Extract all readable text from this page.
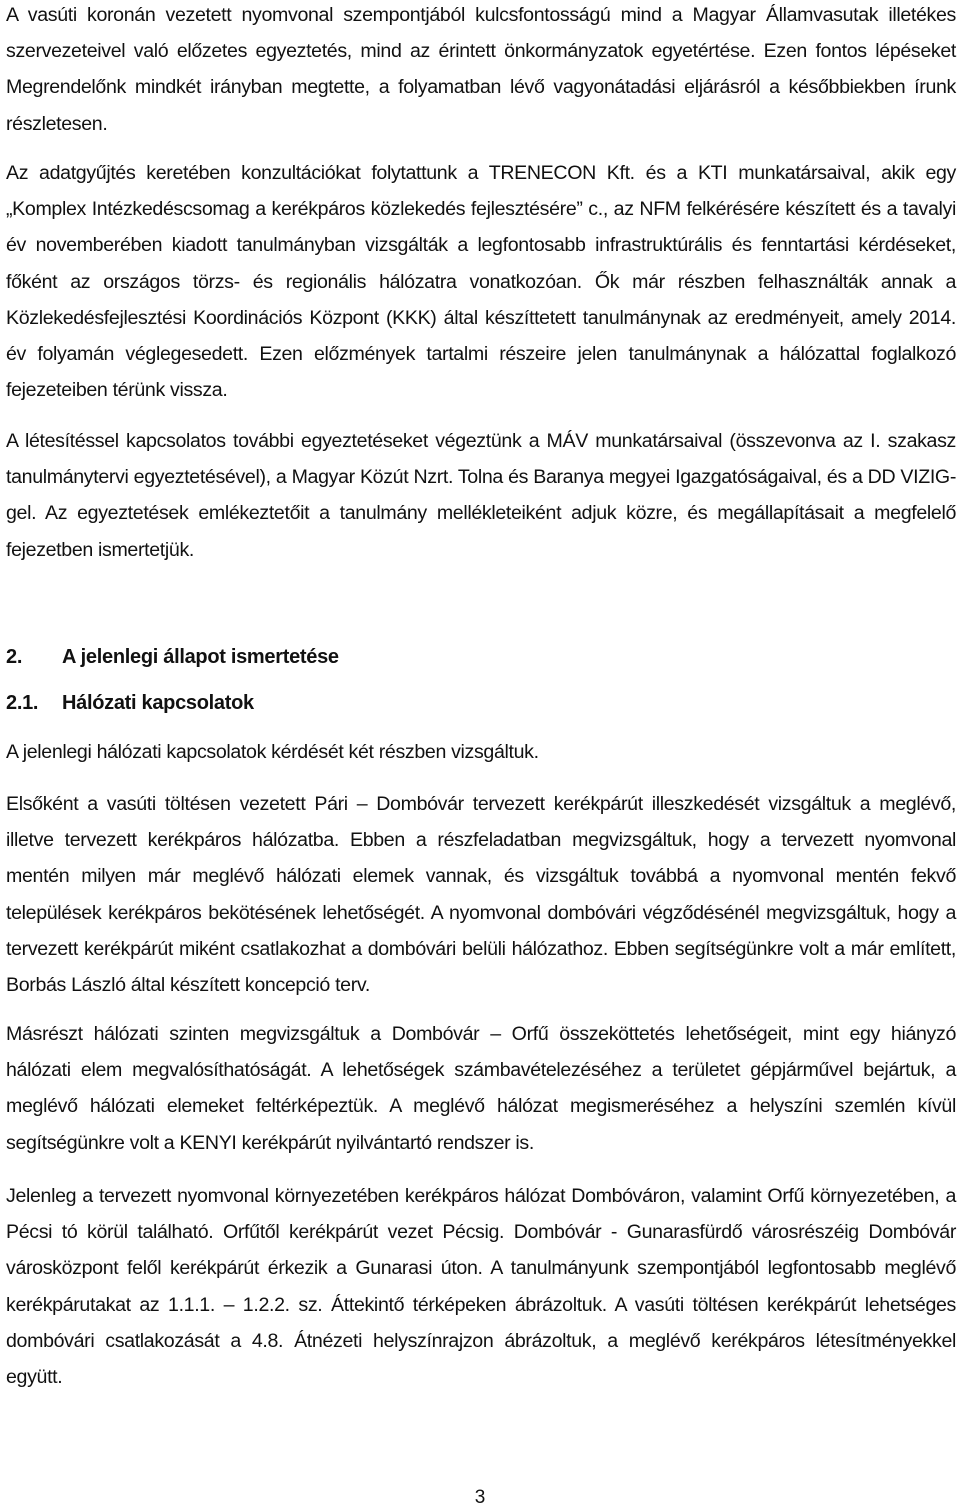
A vasúti koronán vezetett nyomvonal szempontjából kulcsfontosságú mind a Magyar Államvasutak illetékes szervezeteivel való előzetes egyeztetés, mind az érintett önkormányzatok egyetértése. Ezen fontos lépéseket Megrendelőnk mindkét irányban megtette, a folyamatban lévő vagyonátadási eljárásról a későbbiekben írunk részletesen.

Az adatgyűjtés keretében konzultációkat folytattunk a TRENECON Kft. és a KTI munkatársaival, akik egy „Komplex Intézkedéscsomag a kerékpáros közlekedés fejlesztésére” c., az NFM felkérésére készített és a tavalyi év novemberében kiadott tanulmányban vizsgálták a legfontosabb infrastruktúrális és fenntartási kérdéseket, főként az országos törzs- és regionális hálózatra vonatkozóan. Ők már részben felhasználták annak a Közlekedésfejlesztési Koordinációs Központ (KKK) által készíttetett tanulmánynak az eredményeit, amely 2014. év folyamán véglegesedett. Ezen előzmények tartalmi részeire jelen tanulmánynak a hálózattal foglalkozó fejezeteiben térünk vissza.

A létesítéssel kapcsolatos további egyeztetéseket végeztünk a MÁV munkatársaival (összevonva az I. szakasz tanulmánytervi egyeztetésével), a Magyar Közút Nzrt. Tolna és Baranya megyei Igazgatóságaival, és a DD VIZIG-gel. Az egyeztetések emlékeztetőit a tanulmány mellékleteiként adjuk közre, és megállapításait a megfelelő fejezetben ismertetjük.

2. A jelenlegi állapot ismertetése
2.1. Hálózati kapcsolatok

A jelenlegi hálózati kapcsolatok kérdését két részben vizsgáltuk.

Elsőként a vasúti töltésen vezetett Pári – Dombóvár tervezett kerékpárút illeszkedését vizsgáltuk a meglévő, illetve tervezett kerékpáros hálózatba. Ebben a részfeladatban megvizsgáltuk, hogy a tervezett nyomvonal mentén milyen már meglévő hálózati elemek vannak, és vizsgáltuk továbbá a nyomvonal mentén fekvő települések kerékpáros bekötésének lehetőségét. A nyomvonal dombóvári végződésénél megvizsgáltuk, hogy a tervezett kerékpárút miként csatlakozhat a dombóvári belüli hálózathoz. Ebben segítségünkre volt a már említett, Borbás László által készített koncepció terv.

Másrészt hálózati szinten megvizsgáltuk a Dombóvár – Orfű összeköttetés lehetőségeit, mint egy hiányzó hálózati elem megvalósíthatóságát. A lehetőségek számbavételezéséhez a területet gépjárművel bejártuk, a meglévő hálózati elemeket feltérképeztük. A meglévő hálózat megismeréséhez a helyszíni szemlén kívül segítségünkre volt a KENYI kerékpárút nyilvántartó rendszer is.

Jelenleg a tervezett nyomvonal környezetében kerékpáros hálózat Dombóváron, valamint Orfű környezetében, a Pécsi tó körül található. Orfűtől kerékpárút vezet Pécsig. Dombóvár - Gunarasfürdő városrészéig Dombóvár városközpont felől kerékpárút érkezik a Gunarasi úton. A tanulmányunk szempontjából legfontosabb meglévő kerékpárutakat az 1.1.1. – 1.2.2. sz. Áttekintő térképeken ábrázoltuk. A vasúti töltésen kerékpárút lehetséges dombóvári csatlakozását a 4.8. Átnézeti helyszínrajzon ábrázoltuk, a meglévő kerékpáros létesítményekkel együtt.

3
